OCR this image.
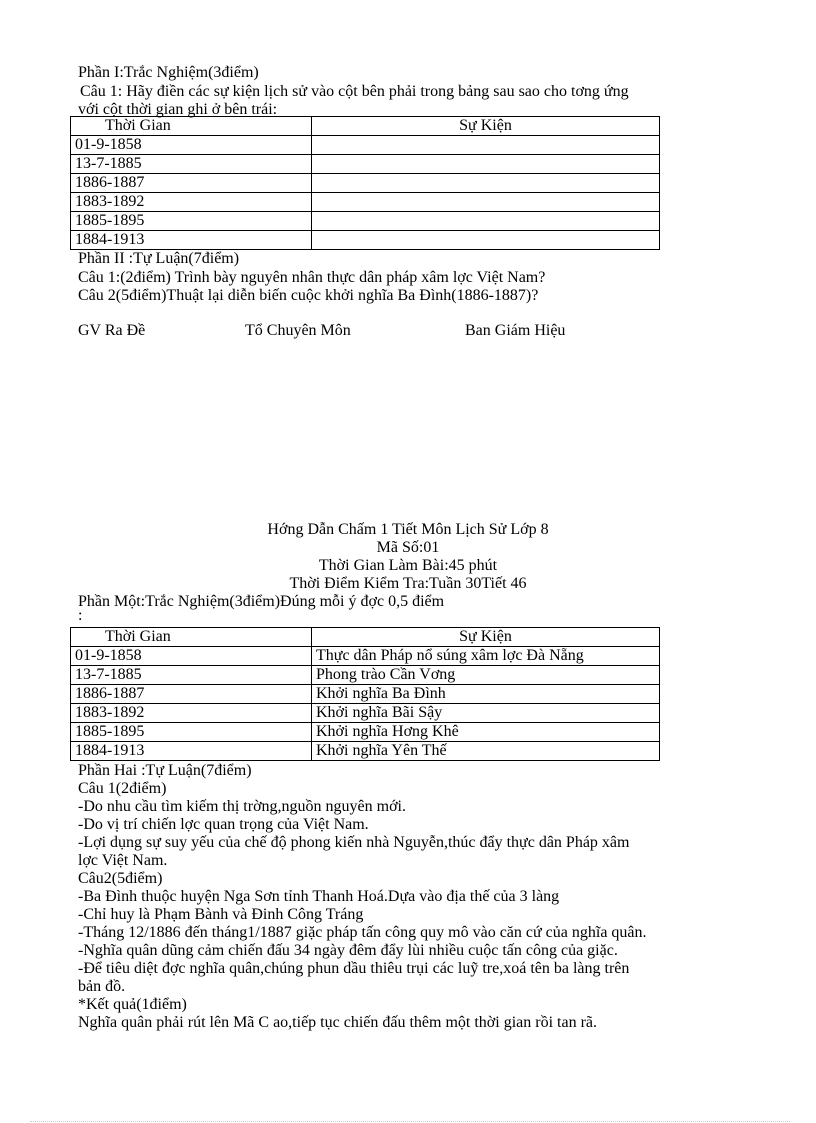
Phần I:Trắc Nghiệm(3điểm)
Câu 1: Hãy điền các sự kiện lịch sử vào cột bên phải trong bảng sau sao cho tơng ứng
với cột thời gian ghi ở bên trái:
Thời Gian	Sự Kiện
01-9-1858	
13-7-1885	
1886-1887	
1883-1892	
1885-1895	
1884-1913	
Phần II :Tự Luận(7điểm)
Câu 1:(2điểm) Trình bày nguyên nhân thực dân pháp xâm lợc Việt Nam?
Câu 2(5điểm)Thuật lại diễn biến cuộc khởi nghĩa Ba Đình(1886-1887)?
GV Ra Đề	Tổ Chuyên Môn	Ban Giám Hiệu
Hớng Dẫn Chấm 1 Tiết Môn Lịch Sử Lớp 8
Mã Số:01
Thời Gian Làm Bài:45 phút
Thời Điểm Kiểm Tra:Tuần 30Tiết 46
Phần Một:Trắc Nghiệm(3điểm)Đúng mỗi ý đợc 0,5 điểm
:
Thời Gian	Sự Kiện
01-9-1858	Thực dân Pháp nổ súng xâm lợc Đà Nẵng
13-7-1885	Phong trào Cần Vơng
1886-1887	Khởi nghĩa Ba Đình
1883-1892	Khởi nghĩa Bãi Sậy
1885-1895	Khởi nghĩa Hơng Khê
1884-1913	Khởi nghĩa Yên Thế
Phần Hai :Tự Luận(7điểm)
Câu 1(2điểm)
-Do nhu cầu tìm kiếm thị trờng,nguồn nguyên mới.
-Do vị trí chiến lợc quan trọng của Việt Nam.
-Lợi dụng sự suy yếu của chế độ phong kiến nhà Nguyễn,thúc đẩy thực dân Pháp xâm
lợc Việt Nam.
Câu2(5điểm)
-Ba Đình thuộc huyện Nga Sơn tỉnh Thanh Hoá.Dựa vào địa thế của 3 làng
-Chỉ huy là Phạm Bành và Đinh Công Tráng
-Tháng 12/1886 đến tháng1/1887 giặc pháp tấn công quy mô vào căn cứ của nghĩa quân.
-Nghĩa quân dũng cảm chiến đấu 34 ngày đêm đẩy lùi nhiều cuộc tấn công của giặc.
-Để tiêu diệt đợc nghĩa quân,chúng phun dầu thiêu trụi các luỹ tre,xoá tên ba làng trên
bản đồ.
*Kết quả(1điểm)
Nghĩa quân phải rút lên Mã C ao,tiếp tục chiến đấu thêm một thời gian rồi tan rã.
